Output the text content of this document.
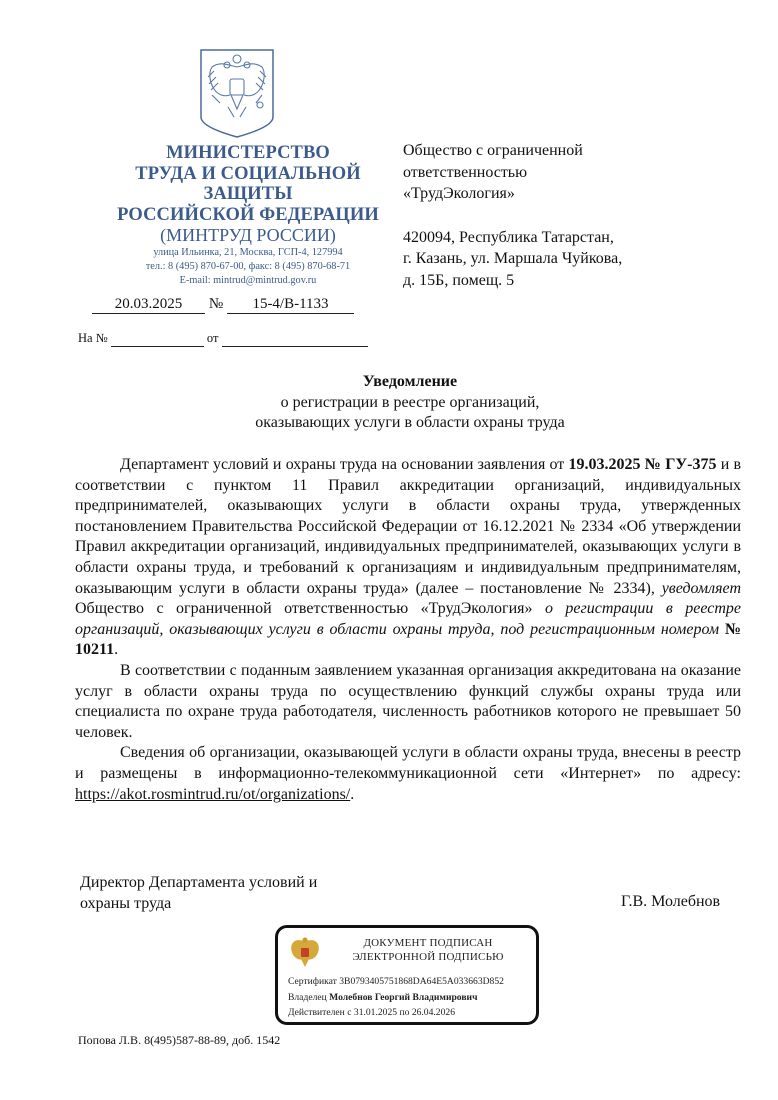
МИНИСТЕРСТВО
ТРУДА И СОЦИАЛЬНОЙ
ЗАЩИТЫ
РОССИЙСКОЙ ФЕДЕРАЦИИ
(МИНТРУД РОССИИ)
улица Ильинка, 21, Москва, ГСП-4, 127994
тел.: 8 (495) 870-67-00, факс: 8 (495) 870-68-71
E-mail: mintrud@mintrud.gov.ru
20.03.2025 № 15-4/В-1133
На №	от

Общество с ограниченной

ответственностью

«ТрудЭкология»

420094, Республика Татарстан,

г. Казань, ул. Маршала Чуйкова,

д. 15Б, помещ. 5

Уведомление
о регистрации в реестре организаций,
оказывающих услуги в области охраны труда

Департамент условий и охраны труда на основании заявления от 19.03.2025 № ГУ-375 и в соответствии с пунктом 11 Правил аккредитации организаций, индивидуальных предпринимателей, оказывающих услуги в области охраны труда, утвержденных постановлением Правительства Российской Федерации от 16.12.2021 № 2334 «Об утверждении Правил аккредитации организаций, индивидуальных предпринимателей, оказывающих услуги в области охраны труда, и требований к организациям и индивидуальным предпринимателям, оказывающим услуги в области охраны труда» (далее – постановление № 2334), уведомляет Общество с ограниченной ответственностью «ТрудЭкология» о регистрации в реестре организаций, оказывающих услуги в области охраны труда, под регистрационным номером № 10211.

В соответствии с поданным заявлением указанная организация аккредитована на оказание услуг в области охраны труда по осуществлению функций службы охраны труда или специалиста по охране труда работодателя, численность работников которого не превышает 50 человек.

Сведения об организации, оказывающей услуги в области охраны труда, внесены в реестр и размещены в информационно-телекоммуникационной сети «Интернет» по адресу: https://akot.rosmintrud.ru/ot/organizations/.

Директор Департамента условий и
охраны труда	Г.В. Молебнов
ДОКУМЕНТ ПОДПИСАН
ЭЛЕКТРОННОЙ ПОДПИСЬЮ
Сертификат 3B0793405751868DA64E5A033663D852
Владелец Молебнов Георгий Владимирович
Действителен с 31.01.2025 по 26.04.2026
Попова Л.В. 8(495)587-88-89, доб. 1542
